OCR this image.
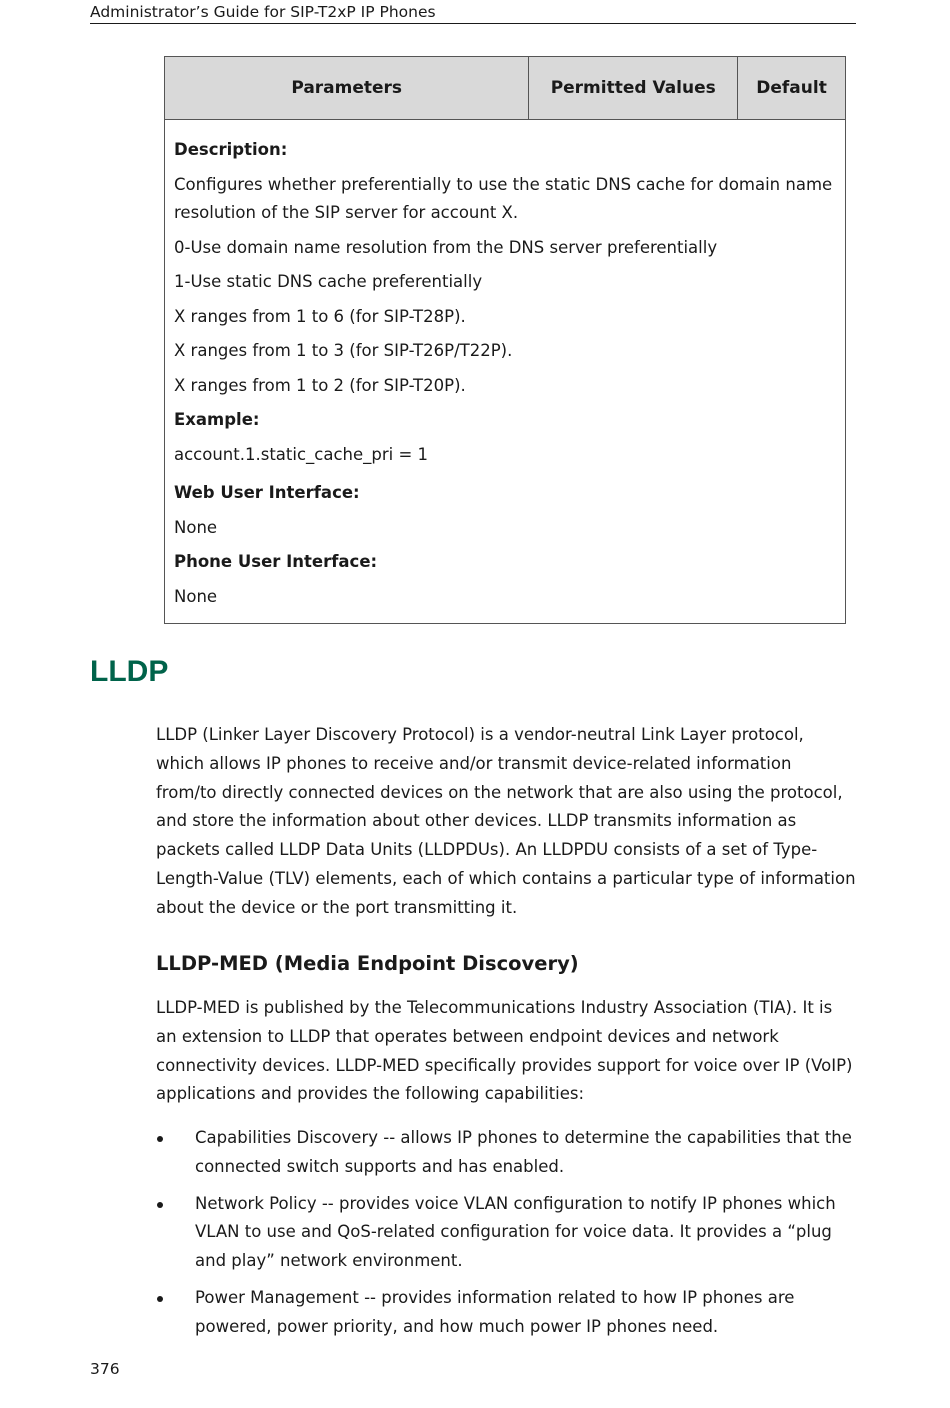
Administrator’s Guide for SIP-T2xP IP Phones
Parameters	Permitted Values	Default

Description:

Configures whether preferentially to use the static DNS cache for domain name resolution of the SIP server for account X.

0-Use domain name resolution from the DNS server preferentially

1-Use static DNS cache preferentially

X ranges from 1 to 6 (for SIP-T28P).

X ranges from 1 to 3 (for SIP-T26P/T22P).

X ranges from 1 to 2 (for SIP-T20P).

Example:

account.1.static_cache_pri = 1

Web User Interface:

None

Phone User Interface:

None

LLDP

LLDP (Linker Layer Discovery Protocol) is a vendor-neutral Link Layer protocol, which allows IP phones to receive and/or transmit device-related information from/to directly connected devices on the network that are also using the protocol, and store the information about other devices. LLDP transmits information as packets called LLDP Data Units (LLDPDUs). An LLDPDU consists of a set of Type-Length-Value (TLV) elements, each of which contains a particular type of information about the device or the port transmitting it.

LLDP-MED (Media Endpoint Discovery)

LLDP-MED is published by the Telecommunications Industry Association (TIA). It is an extension to LLDP that operates between endpoint devices and network connectivity devices. LLDP-MED specifically provides support for voice over IP (VoIP) applications and provides the following capabilities:

Capabilities Discovery -- allows IP phones to determine the capabilities that the connected switch supports and has enabled.
Network Policy -- provides voice VLAN configuration to notify IP phones which VLAN to use and QoS-related configuration for voice data. It provides a “plug and play” network environment.
Power Management -- provides information related to how IP phones are powered, power priority, and how much power IP phones need.
376
